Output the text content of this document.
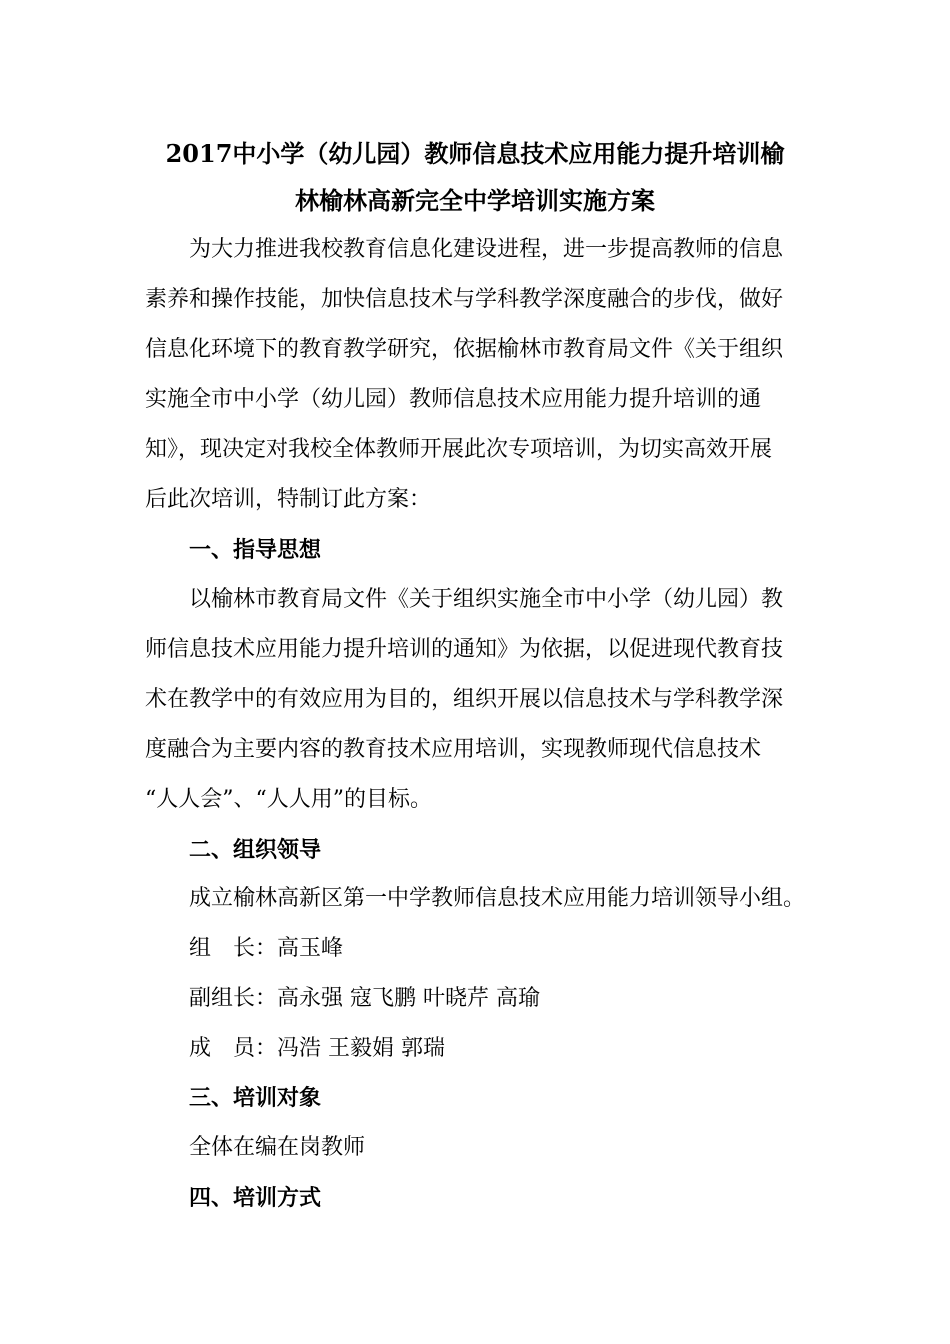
2017中小学（幼儿园）教师信息技术应用能力提升培训榆
林榆林高新完全中学培训实施方案
为大力推进我校教育信息化建设进程，进一步提高教师的信息
素养和操作技能，加快信息技术与学科教学深度融合的步伐，做好
信息化环境下的教育教学研究，依据榆林市教育局文件《关于组织
实施全市中小学（幼儿园）教师信息技术应用能力提升培训的通
知》，现决定对我校全体教师开展此次专项培训，为切实高效开展
后此次培训，特制订此方案：
一、指导思想
以榆林市教育局文件《关于组织实施全市中小学（幼儿园）教
师信息技术应用能力提升培训的通知》为依据，以促进现代教育技
术在教学中的有效应用为目的，组织开展以信息技术与学科教学深
度融合为主要内容的教育技术应用培训，实现教师现代信息技术
“人人会”、“人人用”的目标。
二、组织领导
成立榆林高新区第一中学教师信息技术应用能力培训领导小组。
组　长：高玉峰
副组长：高永强 寇飞鹏 叶晓芹 高瑜
成　员：冯浩 王毅娟 郭瑞
三、培训对象
全体在编在岗教师
四、培训方式
